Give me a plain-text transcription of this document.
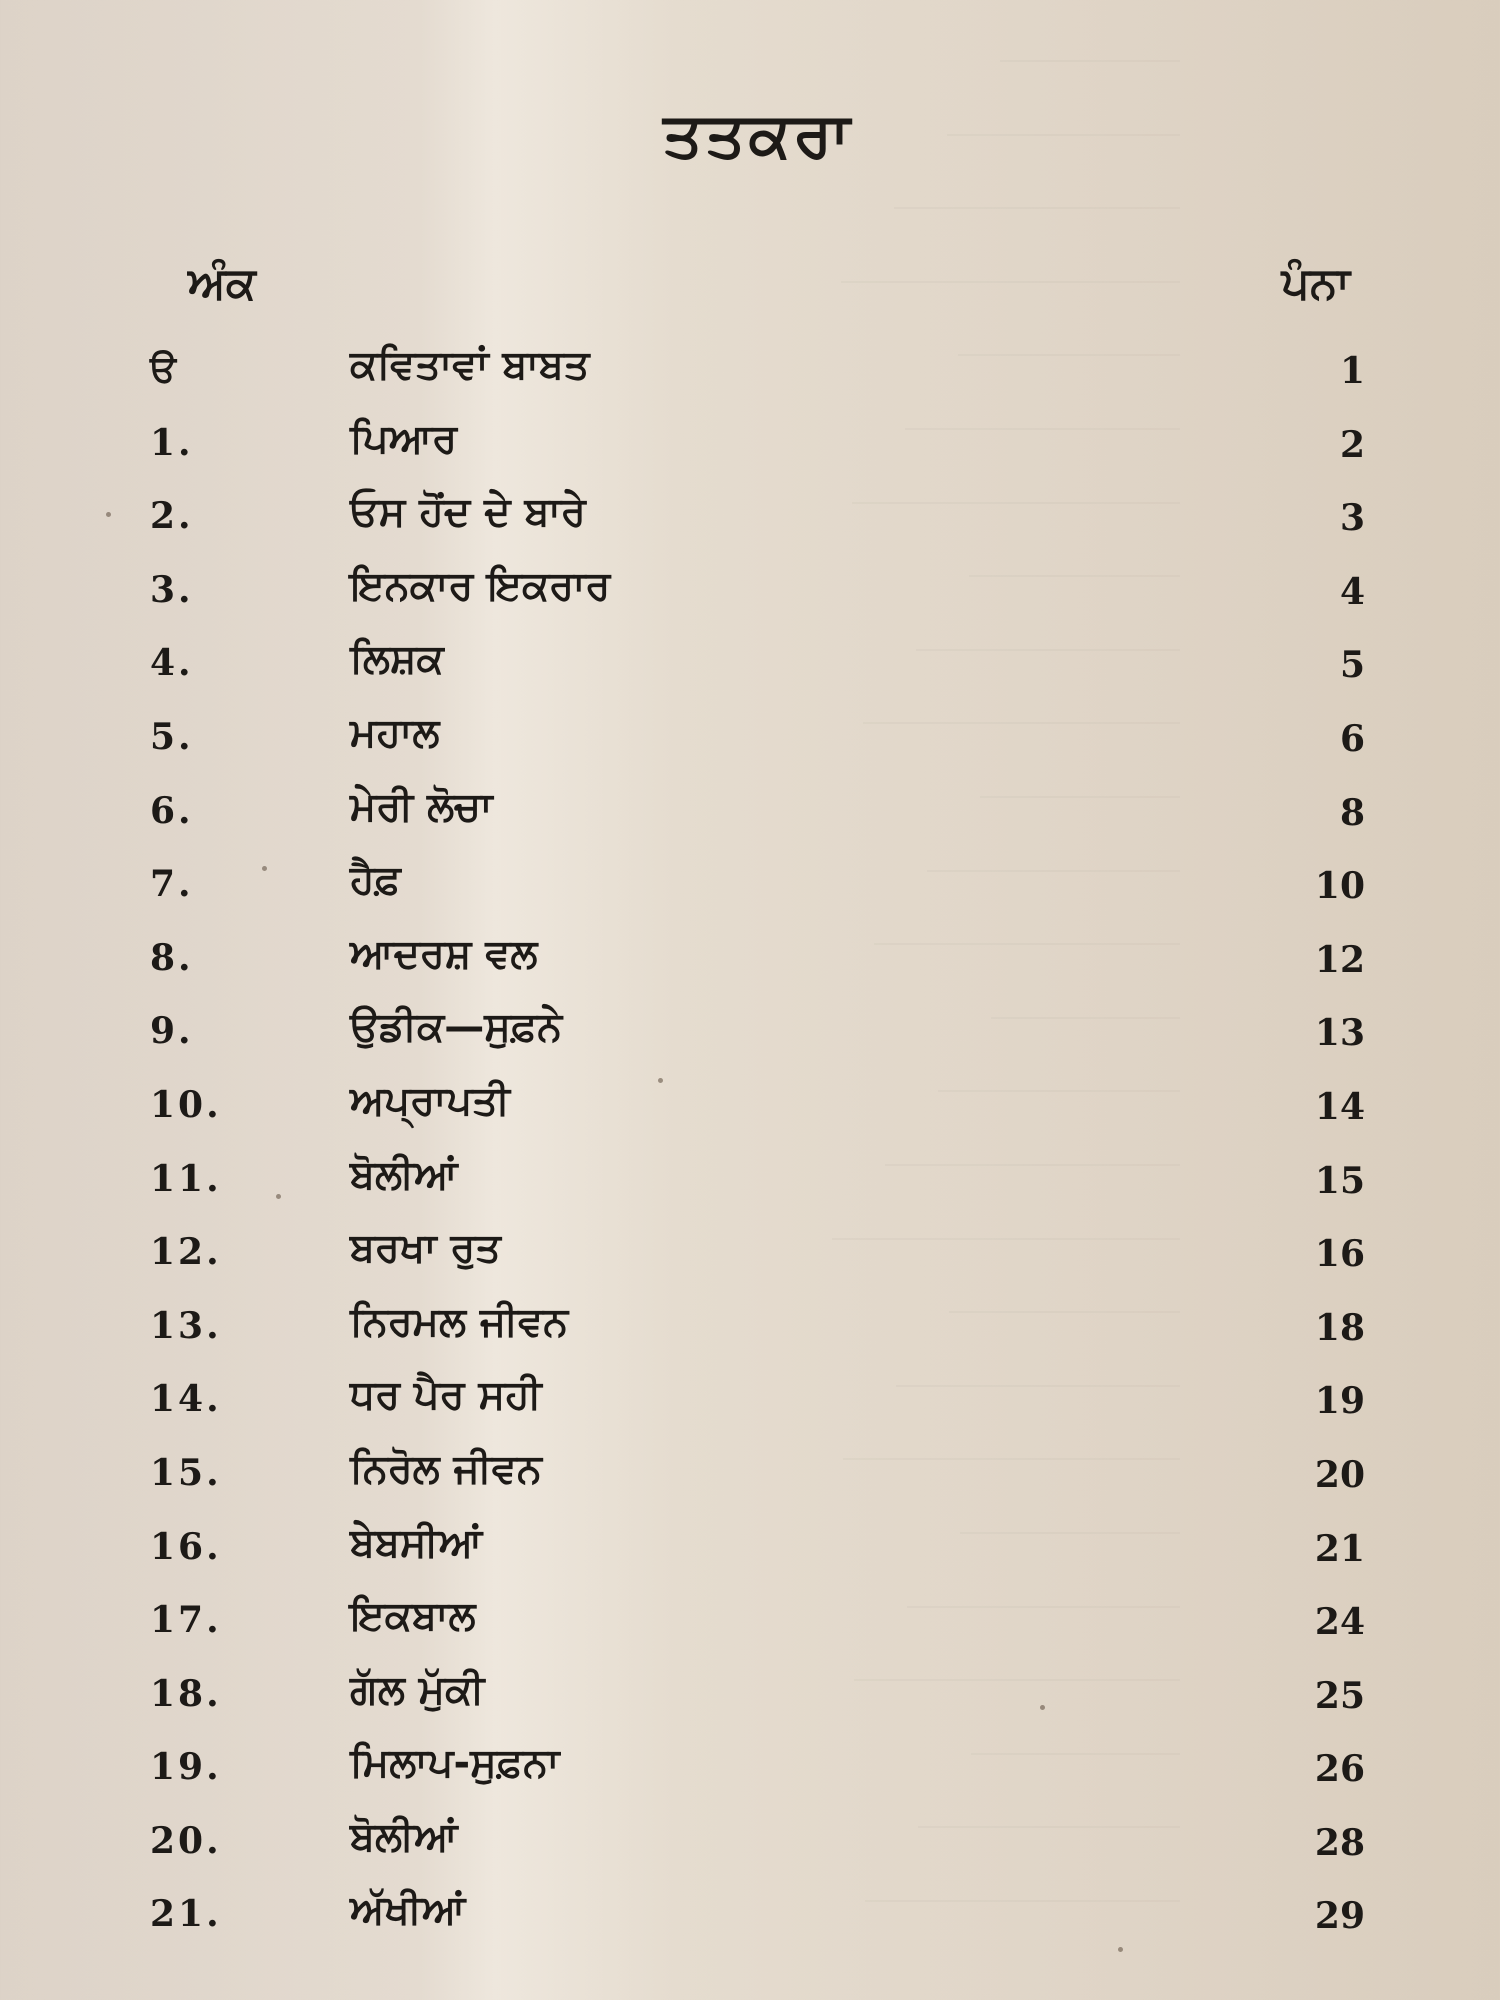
ਤਤਕਰਾ
ਅੰਕ	ਪੰਨਾ
ੳ	ਕਵਿਤਾਵਾਂ ਬਾਬਤ	1
1.	ਪਿਆਰ	2
2.	ਓਸ ਹੋਂਦ ਦੇ ਬਾਰੇ	3
3.	ਇਨਕਾਰ ਇਕਰਾਰ	4
4.	ਲਿਸ਼ਕ	5
5.	ਮਹਾਲ	6
6.	ਮੇਰੀ ਲੋਚਾ	8
7.	ਹੈਫ਼	10
8.	ਆਦਰਸ਼ ਵਲ	12
9.	ਉਡੀਕ—ਸੁਫ਼ਨੇ	13
10.	ਅਪ੍ਰਾਪਤੀ	14
11.	ਬੋਲੀਆਂ	15
12.	ਬਰਖਾ ਰੁਤ	16
13.	ਨਿਰਮਲ ਜੀਵਨ	18
14.	ਧਰ ਪੈਰ ਸਹੀ	19
15.	ਨਿਰੋਲ ਜੀਵਨ	20
16.	ਬੇਬਸੀਆਂ	21
17.	ਇਕਬਾਲ	24
18.	ਗੱਲ ਮੁੱਕੀ	25
19.	ਮਿਲਾਪ-ਸੁਫ਼ਨਾ	26
20.	ਬੋਲੀਆਂ	28
21.	ਅੱਖੀਆਂ	29
